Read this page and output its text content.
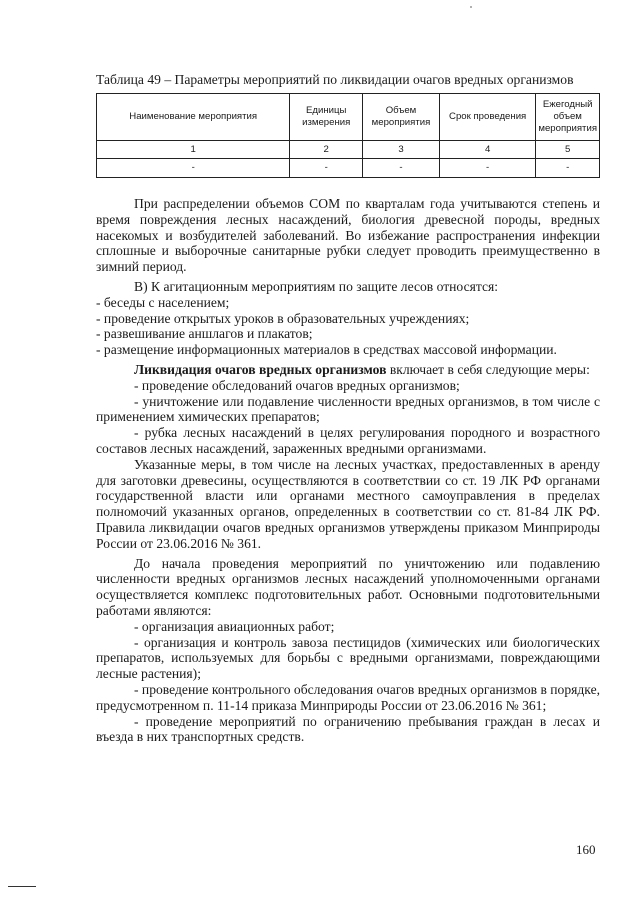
Таблица 49 – Параметры мероприятий по ликвидации очагов вредных организмов

Наименование мероприятия	Единицы измерения	Объем мероприятия	Срок проведения	Ежегодный объем мероприятия
1	2	3	4	5
-	-	-	-	-

При распределении объемов СОМ по кварталам года учитываются степень и время повреждения лесных насаждений, биология древесной породы, вредных насекомых и возбудителей заболеваний. Во избежание распространения инфекции сплошные и выборочные санитарные рубки следует проводить преимущественно в зимний период.

В) К агитационным мероприятиям по защите лесов относятся:

- беседы с населением;

- проведение открытых уроков в образовательных учреждениях;

- развешивание аншлагов и плакатов;

- размещение информационных материалов в средствах массовой информации.

Ликвидация очагов вредных организмов включает в себя следующие меры:

- проведение обследований очагов вредных организмов;

- уничтожение или подавление численности вредных организмов, в том числе с применением химических препаратов;

- рубка лесных насаждений в целях регулирования породного и возрастного составов лесных насаждений, зараженных вредными организмами.

Указанные меры, в том числе на лесных участках, предоставленных в аренду для заготовки древесины, осуществляются в соответствии со ст. 19 ЛК РФ органами государственной власти или органами местного самоуправления в пределах полномочий указанных органов, определенных в соответствии со ст. 81-84 ЛК РФ. Правила ликвидации очагов вредных организмов утверждены приказом Минприроды России от 23.06.2016 № 361.

До начала проведения мероприятий по уничтожению или подавлению численности вредных организмов лесных насаждений уполномоченными органами осуществляется комплекс подготовительных работ. Основными подготовительными работами являются:

- организация авиационных работ;

- организация и контроль завоза пестицидов (химических или биологических препаратов, используемых для борьбы с вредными организмами, повреждающими лесные растения);

- проведение контрольного обследования очагов вредных организмов в порядке, предусмотренном п. 11-14 приказа Минприроды России от 23.06.2016 № 361;

- проведение мероприятий по ограничению пребывания граждан в лесах и въезда в них транспортных средств.

160
